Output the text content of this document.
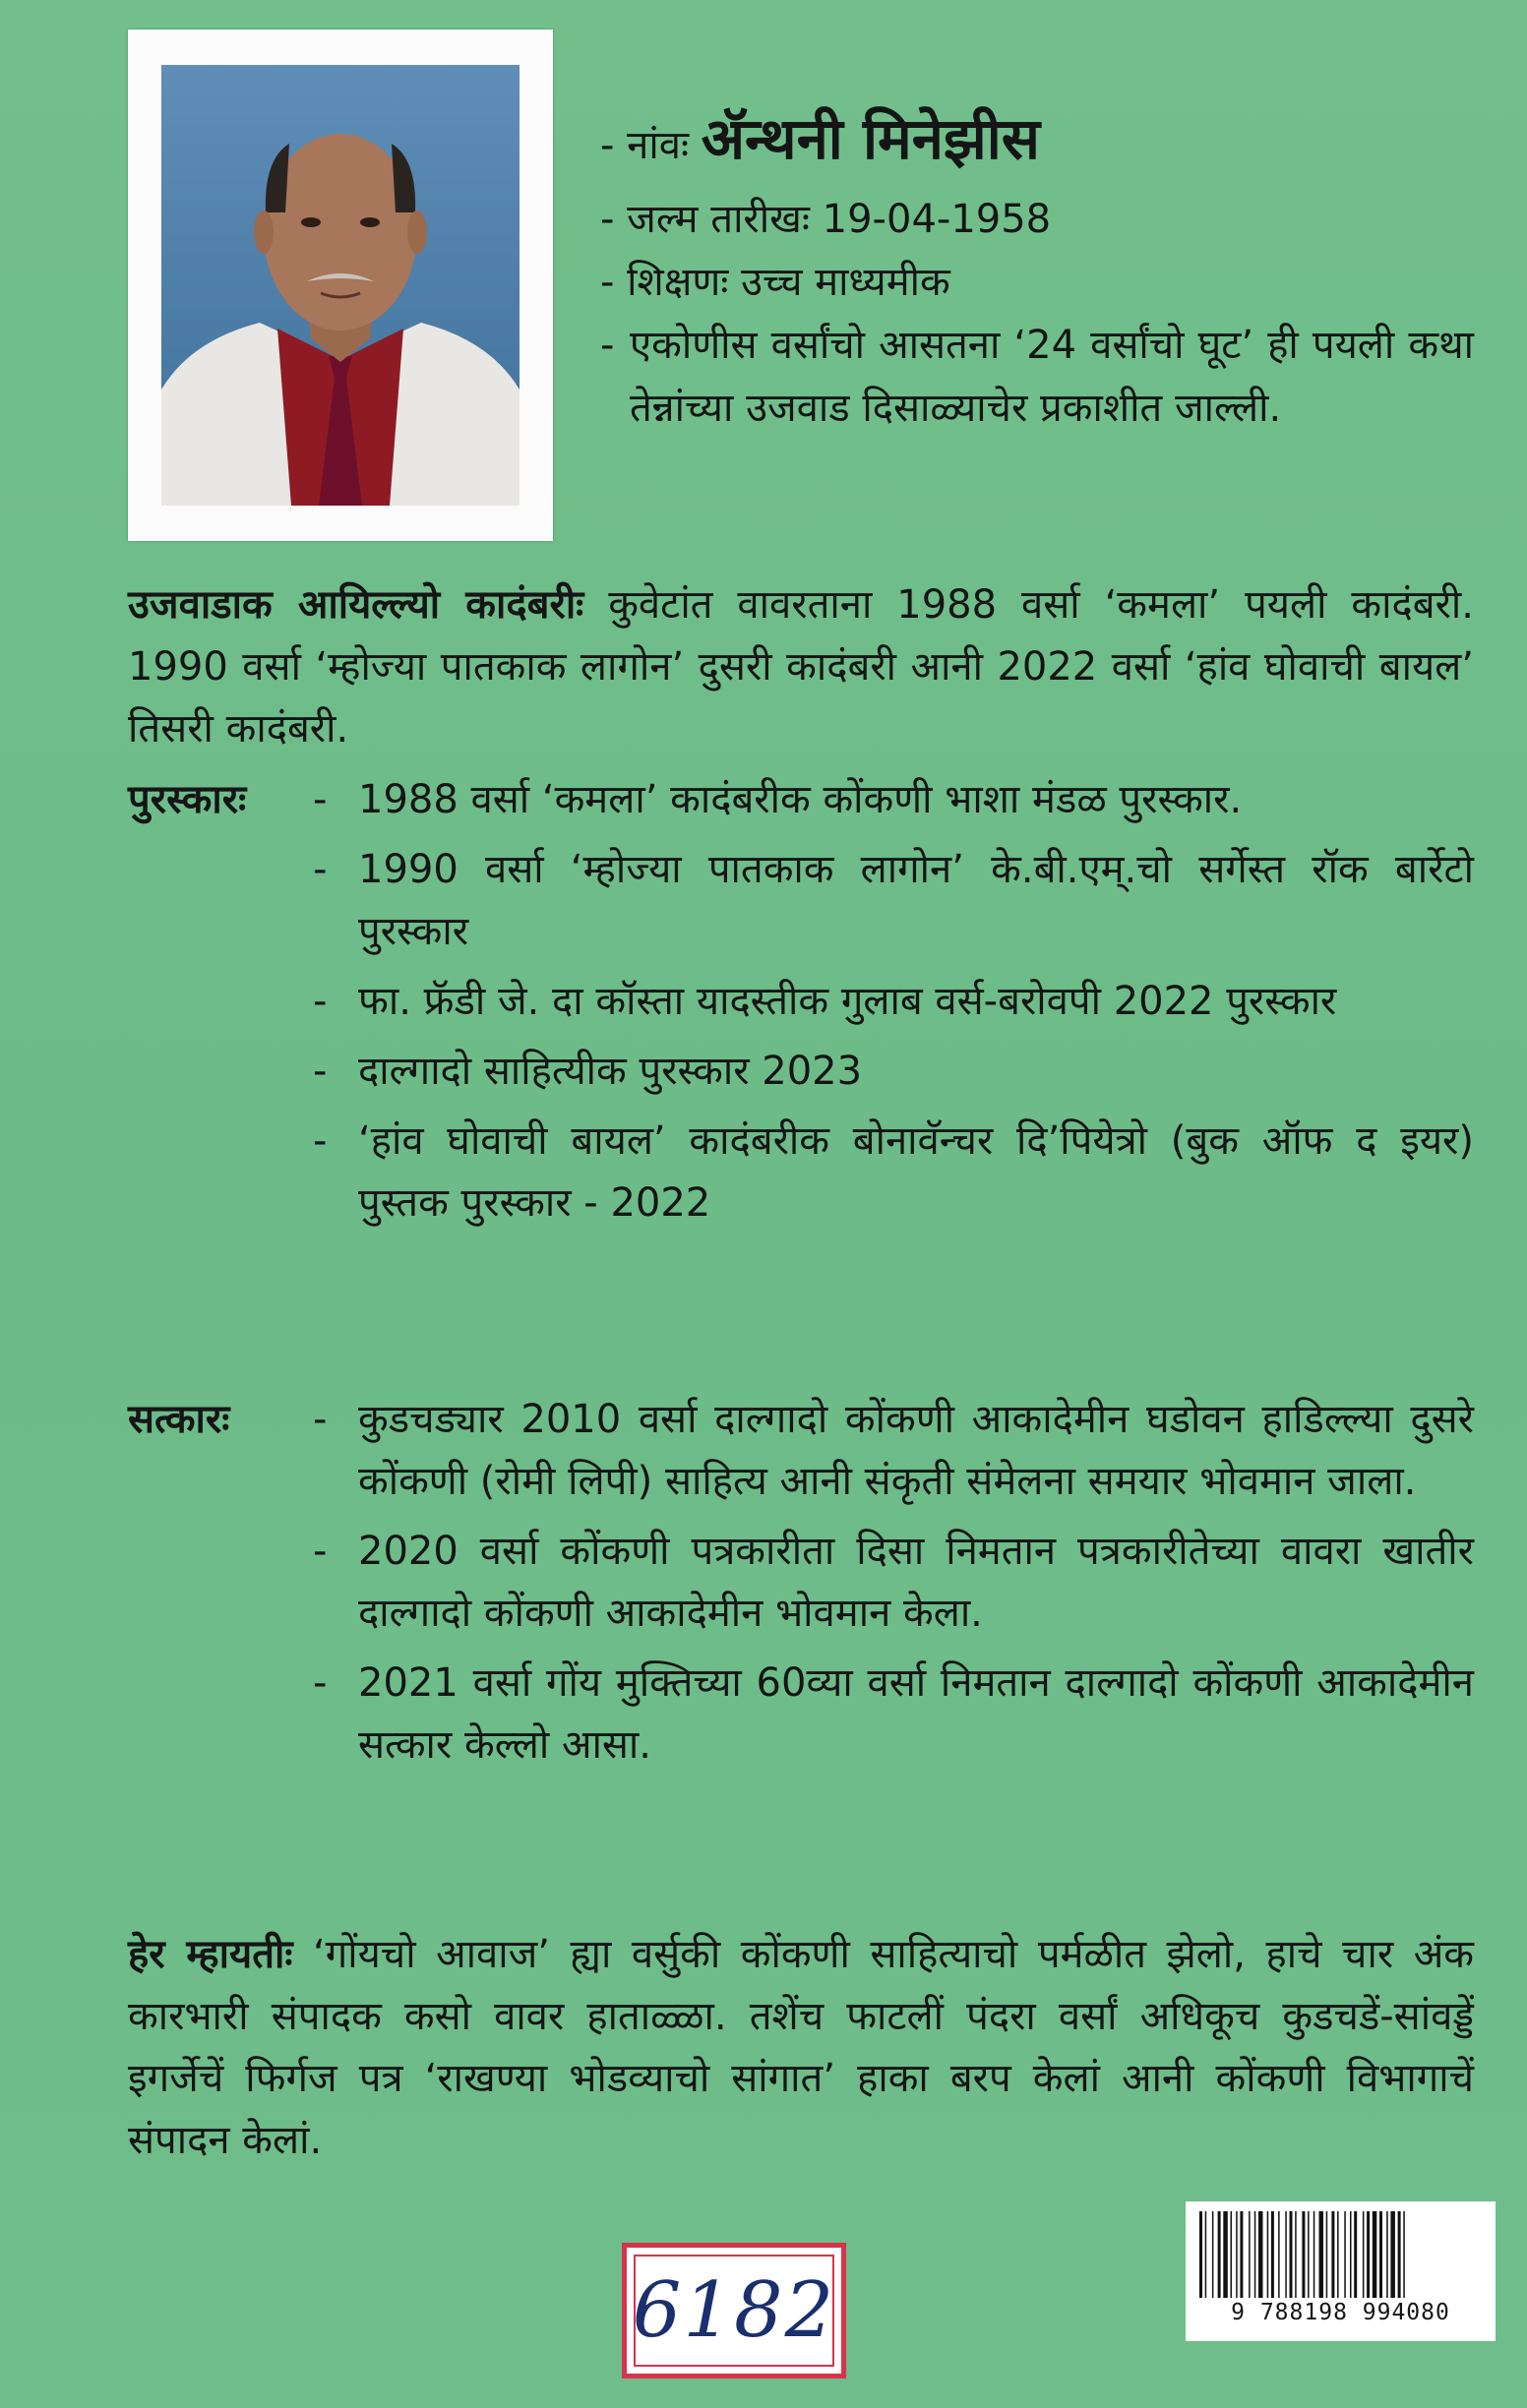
- नांवः ॲन्थनी मिनेझीस

- जल्म तारीखः 19-04-1958

- शिक्षणः उच्च माध्यमीक

- एकोणीस वर्सांचो आसतना ‘24 वर्सांचो घूट’ ही पयली कथा तेन्नांच्या उजवाड दिसाळ्याचेर प्रकाशीत जाल्ली.

उजवाडाक आयिल्ल्यो कादंबरीः कुवेटांत वावरताना 1988 वर्सा ‘कमला’ पयली कादंबरी. 1990 वर्सा ‘म्होज्या पातकाक लागोन’ दुसरी कादंबरी आनी 2022 वर्सा ‘हांव घोवाची बायल’ तिसरी कादंबरी.

पुरस्कारः - 1988 वर्सा ‘कमला’ कादंबरीक कोंकणी भाशा मंडळ पुरस्कार.
- 1990 वर्सा ‘म्होज्या पातकाक लागोन’ के.बी.एम्.चो सर्गेस्त रॉक बार्रेटो पुरस्कार
- फा. फ्रॅडी जे. दा कॉस्ता यादस्तीक गुलाब वर्स-बरोवपी 2022 पुरस्कार
- दाल्गादो साहित्यीक पुरस्कार 2023
- ‘हांव घोवाची बायल’ कादंबरीक बोनावॅन्चर दि’पियेत्रो (बुक ऑफ द इयर) पुस्तक पुरस्कार - 2022

सत्कारः - कुडचड्यार 2010 वर्सा दाल्गादो कोंकणी आकादेमीन घडोवन हाडिल्ल्या दुसरे कोंकणी (रोमी लिपी) साहित्य आनी संकृती संमेलना समयार भोवमान जाला.
- 2020 वर्सा कोंकणी पत्रकारीता दिसा निमतान पत्रकारीतेच्या वावरा खातीर दाल्गादो कोंकणी आकादेमीन भोवमान केला.
- 2021 वर्सा गोंय मुक्तिच्या 60व्या वर्सा निमतान दाल्गादो कोंकणी आकादेमीन सत्कार केल्लो आसा.

हेर म्हायतीः ‘गोंयचो आवाज’ ह्या वर्सुकी कोंकणी साहित्याचो पर्मळीत झेलो, हाचे चार अंक कारभारी संपादक कसो वावर हाताळ्ळा. तशेंच फाटलीं पंदरा वर्सां अधिकूच कुडचडें-सांवड्डें इगर्जेचें फिर्गज पत्र ‘राखण्या भोडव्याचो सांगात’ हाका बरप केलां आनी कोंकणी विभागाचें संपादन केलां.

6182	9 788198 994080
